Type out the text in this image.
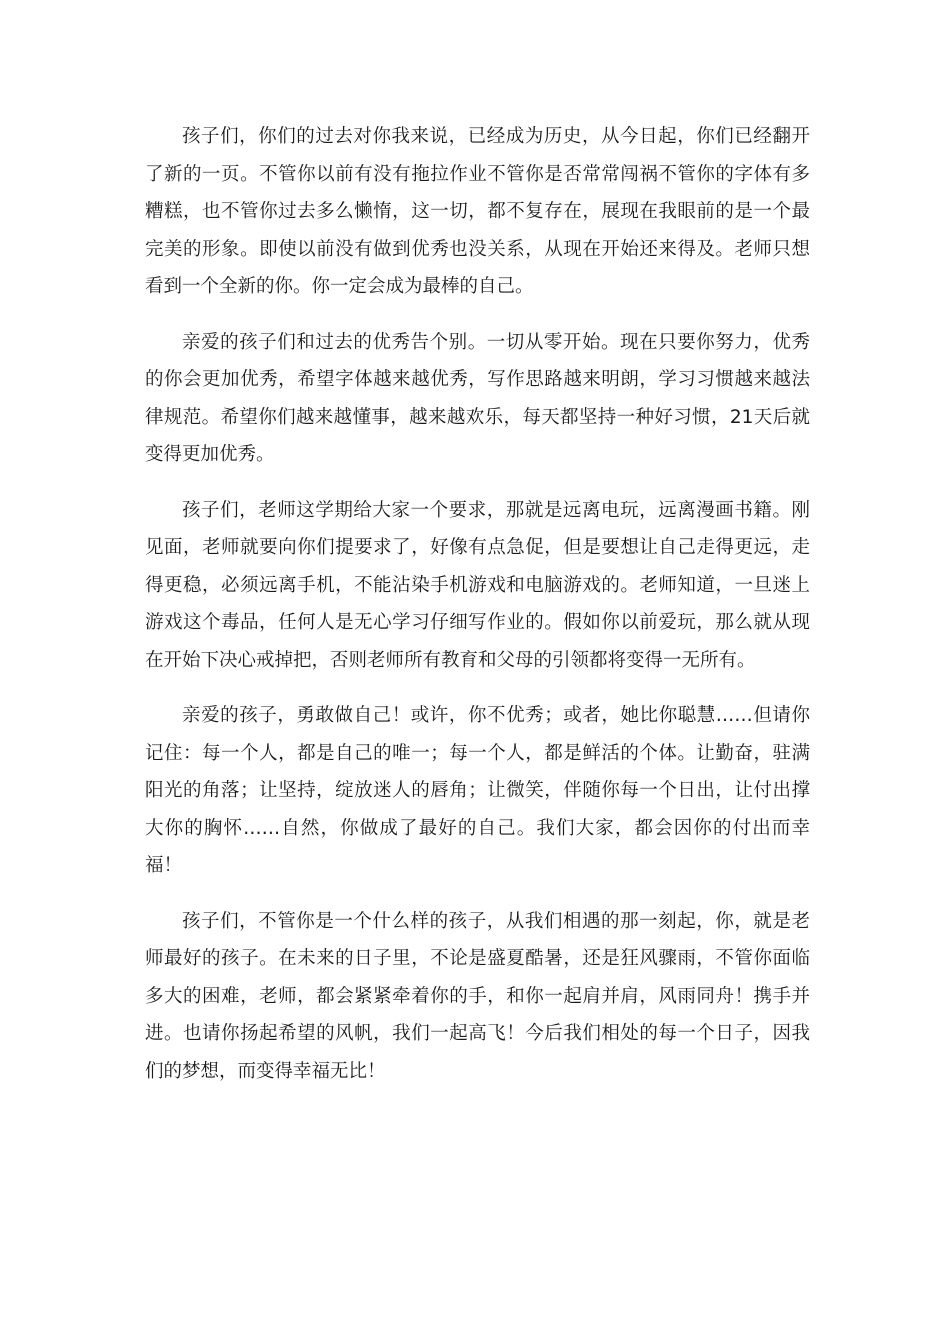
孩子们，你们的过去对你我来说，已经成为历史，从今日起，你们已经翻开了新的一页。不管你以前有没有拖拉作业不管你是否常常闯祸不管你的字体有多糟糕，也不管你过去多么懒惰，这一切，都不复存在，展现在我眼前的是一个最完美的形象。即使以前没有做到优秀也没关系，从现在开始还来得及。老师只想看到一个全新的你。你一定会成为最棒的自己。

亲爱的孩子们和过去的优秀告个别。一切从零开始。现在只要你努力，优秀的你会更加优秀，希望字体越来越优秀，写作思路越来明朗，学习习惯越来越法律规范。希望你们越来越懂事，越来越欢乐，每天都坚持一种好习惯，21天后就变得更加优秀。

孩子们，老师这学期给大家一个要求，那就是远离电玩，远离漫画书籍。刚见面，老师就要向你们提要求了，好像有点急促，但是要想让自己走得更远，走得更稳，必须远离手机，不能沾染手机游戏和电脑游戏的。老师知道，一旦迷上游戏这个毒品，任何人是无心学习仔细写作业的。假如你以前爱玩，那么就从现在开始下决心戒掉把，否则老师所有教育和父母的引领都将变得一无所有。

亲爱的孩子，勇敢做自己！或许，你不优秀；或者，她比你聪慧……但请你记住：每一个人，都是自己的唯一；每一个人，都是鲜活的个体。让勤奋，驻满阳光的角落；让坚持，绽放迷人的唇角；让微笑，伴随你每一个日出，让付出撑大你的胸怀……自然，你做成了最好的自己。我们大家，都会因你的付出而幸福！

孩子们，不管你是一个什么样的孩子，从我们相遇的那一刻起，你，就是老师最好的孩子。在未来的日子里，不论是盛夏酷暑，还是狂风骤雨，不管你面临多大的困难，老师，都会紧紧牵着你的手，和你一起肩并肩，风雨同舟！携手并进。也请你扬起希望的风帆，我们一起高飞！今后我们相处的每一个日子，因我们的梦想，而变得幸福无比！
